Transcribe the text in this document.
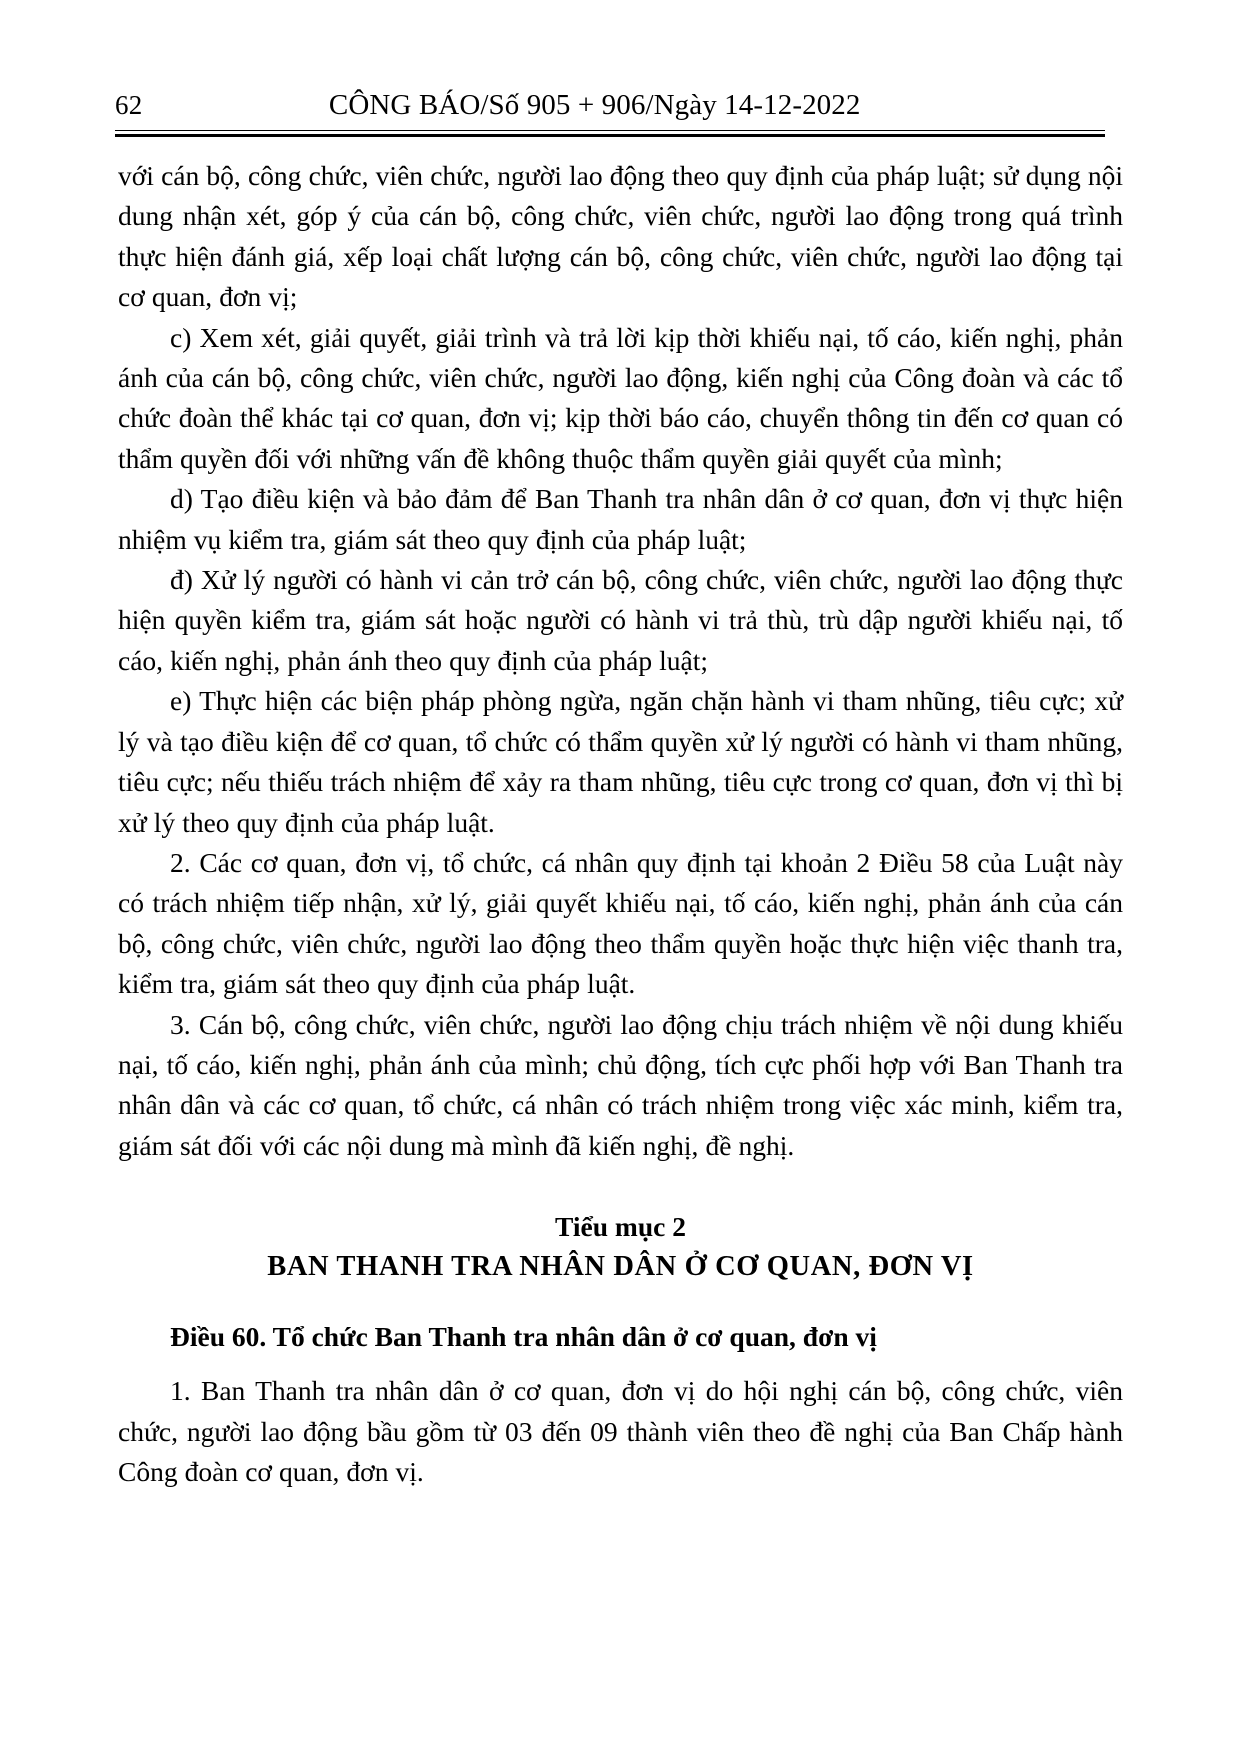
62	CÔNG BÁO/Số 905 + 906/Ngày 14-12-2022

với cán bộ, công chức, viên chức, người lao động theo quy định của pháp luật; sử dụng nội dung nhận xét, góp ý của cán bộ, công chức, viên chức, người lao động trong quá trình thực hiện đánh giá, xếp loại chất lượng cán bộ, công chức, viên chức, người lao động tại cơ quan, đơn vị;

c) Xem xét, giải quyết, giải trình và trả lời kịp thời khiếu nại, tố cáo, kiến nghị, phản ánh của cán bộ, công chức, viên chức, người lao động, kiến nghị của Công đoàn và các tổ chức đoàn thể khác tại cơ quan, đơn vị; kịp thời báo cáo, chuyển thông tin đến cơ quan có thẩm quyền đối với những vấn đề không thuộc thẩm quyền giải quyết của mình;

d) Tạo điều kiện và bảo đảm để Ban Thanh tra nhân dân ở cơ quan, đơn vị thực hiện nhiệm vụ kiểm tra, giám sát theo quy định của pháp luật;

đ) Xử lý người có hành vi cản trở cán bộ, công chức, viên chức, người lao động thực hiện quyền kiểm tra, giám sát hoặc người có hành vi trả thù, trù dập người khiếu nại, tố cáo, kiến nghị, phản ánh theo quy định của pháp luật;

e) Thực hiện các biện pháp phòng ngừa, ngăn chặn hành vi tham nhũng, tiêu cực; xử lý và tạo điều kiện để cơ quan, tổ chức có thẩm quyền xử lý người có hành vi tham nhũng, tiêu cực; nếu thiếu trách nhiệm để xảy ra tham nhũng, tiêu cực trong cơ quan, đơn vị thì bị xử lý theo quy định của pháp luật.

2. Các cơ quan, đơn vị, tổ chức, cá nhân quy định tại khoản 2 Điều 58 của Luật này có trách nhiệm tiếp nhận, xử lý, giải quyết khiếu nại, tố cáo, kiến nghị, phản ánh của cán bộ, công chức, viên chức, người lao động theo thẩm quyền hoặc thực hiện việc thanh tra, kiểm tra, giám sát theo quy định của pháp luật.

3. Cán bộ, công chức, viên chức, người lao động chịu trách nhiệm về nội dung khiếu nại, tố cáo, kiến nghị, phản ánh của mình; chủ động, tích cực phối hợp với Ban Thanh tra nhân dân và các cơ quan, tổ chức, cá nhân có trách nhiệm trong việc xác minh, kiểm tra, giám sát đối với các nội dung mà mình đã kiến nghị, đề nghị.

Tiểu mục 2

BAN THANH TRA NHÂN DÂN Ở CƠ QUAN, ĐƠN VỊ

Điều 60. Tổ chức Ban Thanh tra nhân dân ở cơ quan, đơn vị

1. Ban Thanh tra nhân dân ở cơ quan, đơn vị do hội nghị cán bộ, công chức, viên chức, người lao động bầu gồm từ 03 đến 09 thành viên theo đề nghị của Ban Chấp hành Công đoàn cơ quan, đơn vị.
